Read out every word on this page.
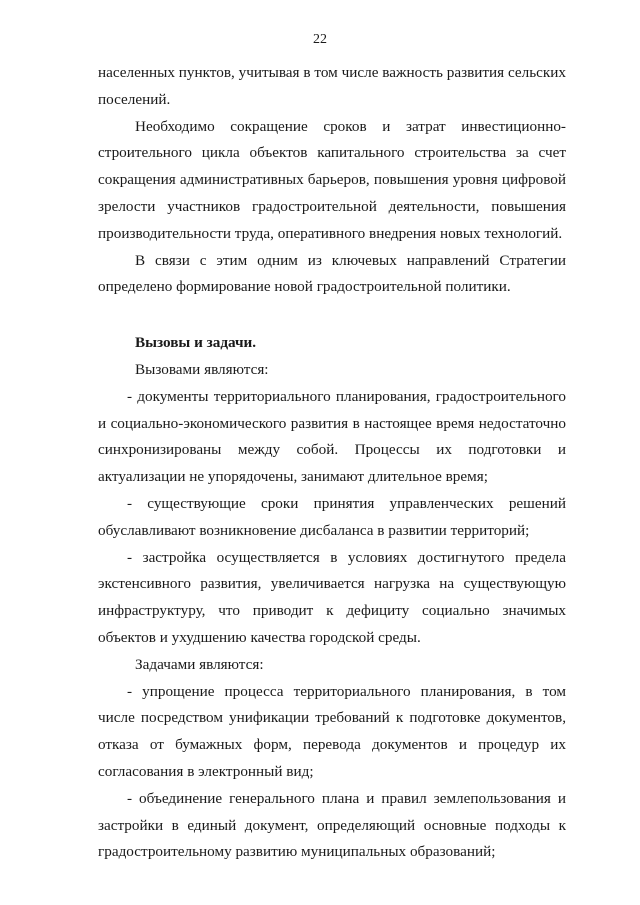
22

населенных пунктов, учитывая в том числе важность развития сельских поселений.

Необходимо сокращение сроков и затрат инвестиционно-строительного цикла объектов капитального строительства за счет сокращения административных барьеров, повышения уровня цифровой зрелости участников градостроительной деятельности, повышения производительности труда, оперативного внедрения новых технологий.

В связи с этим одним из ключевых направлений Стратегии определено формирование новой градостроительной политики.

Вызовы и задачи.

Вызовами являются:

- документы территориального планирования, градостроительного и социально-экономического развития в настоящее время недостаточно синхронизированы между собой. Процессы их подготовки и актуализации не упорядочены, занимают длительное время;

- существующие сроки принятия управленческих решений обуславливают возникновение дисбаланса в развитии территорий;

- застройка осуществляется в условиях достигнутого предела экстенсивного развития, увеличивается нагрузка на существующую инфраструктуру, что приводит к дефициту социально значимых объектов и ухудшению качества городской среды.

Задачами являются:

- упрощение процесса территориального планирования, в том числе посредством унификации требований к подготовке документов, отказа от бумажных форм, перевода документов и процедур их согласования в электронный вид;

- объединение генерального плана и правил землепользования и застройки в единый документ, определяющий основные подходы к градостроительному развитию муниципальных образований;
